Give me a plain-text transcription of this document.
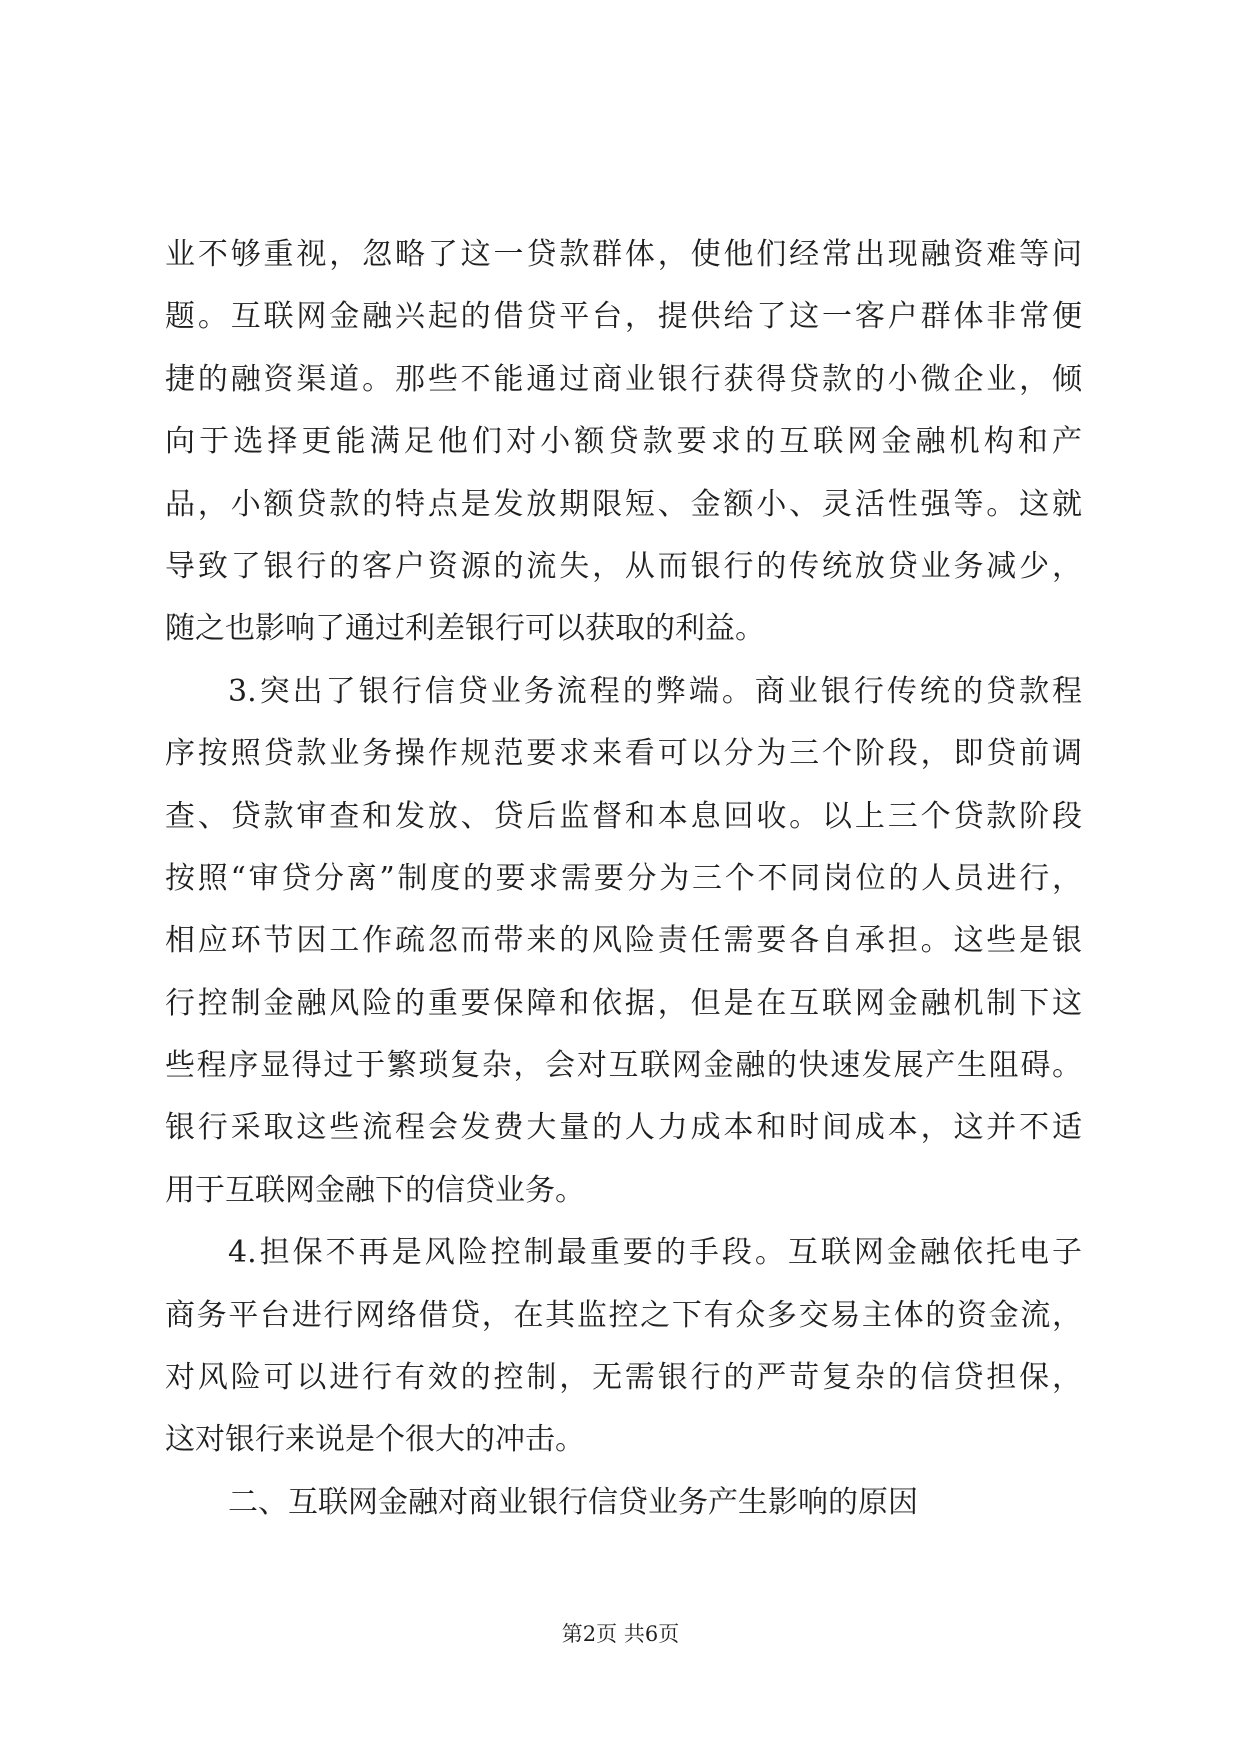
业不够重视，忽略了这一贷款群体，使他们经常出现融资难等问
题。互联网金融兴起的借贷平台，提供给了这一客户群体非常便
捷的融资渠道。那些不能通过商业银行获得贷款的小微企业，倾
向于选择更能满足他们对小额贷款要求的互联网金融机构和产
品，小额贷款的特点是发放期限短、金额小、灵活性强等。这就
导致了银行的客户资源的流失，从而银行的传统放贷业务减少，
随之也影响了通过利差银行可以获取的利益。
3.突出了银行信贷业务流程的弊端。商业银行传统的贷款程
序按照贷款业务操作规范要求来看可以分为三个阶段，即贷前调
查、贷款审查和发放、贷后监督和本息回收。以上三个贷款阶段
按照“审贷分离”制度的要求需要分为三个不同岗位的人员进行，
相应环节因工作疏忽而带来的风险责任需要各自承担。这些是银
行控制金融风险的重要保障和依据，但是在互联网金融机制下这
些程序显得过于繁琐复杂，会对互联网金融的快速发展产生阻碍。
银行采取这些流程会发费大量的人力成本和时间成本，这并不适
用于互联网金融下的信贷业务。
4.担保不再是风险控制最重要的手段。互联网金融依托电子
商务平台进行网络借贷，在其监控之下有众多交易主体的资金流，
对风险可以进行有效的控制，无需银行的严苛复杂的信贷担保，
这对银行来说是个很大的冲击。
二、互联网金融对商业银行信贷业务产生影响的原因
第2页 共6页
